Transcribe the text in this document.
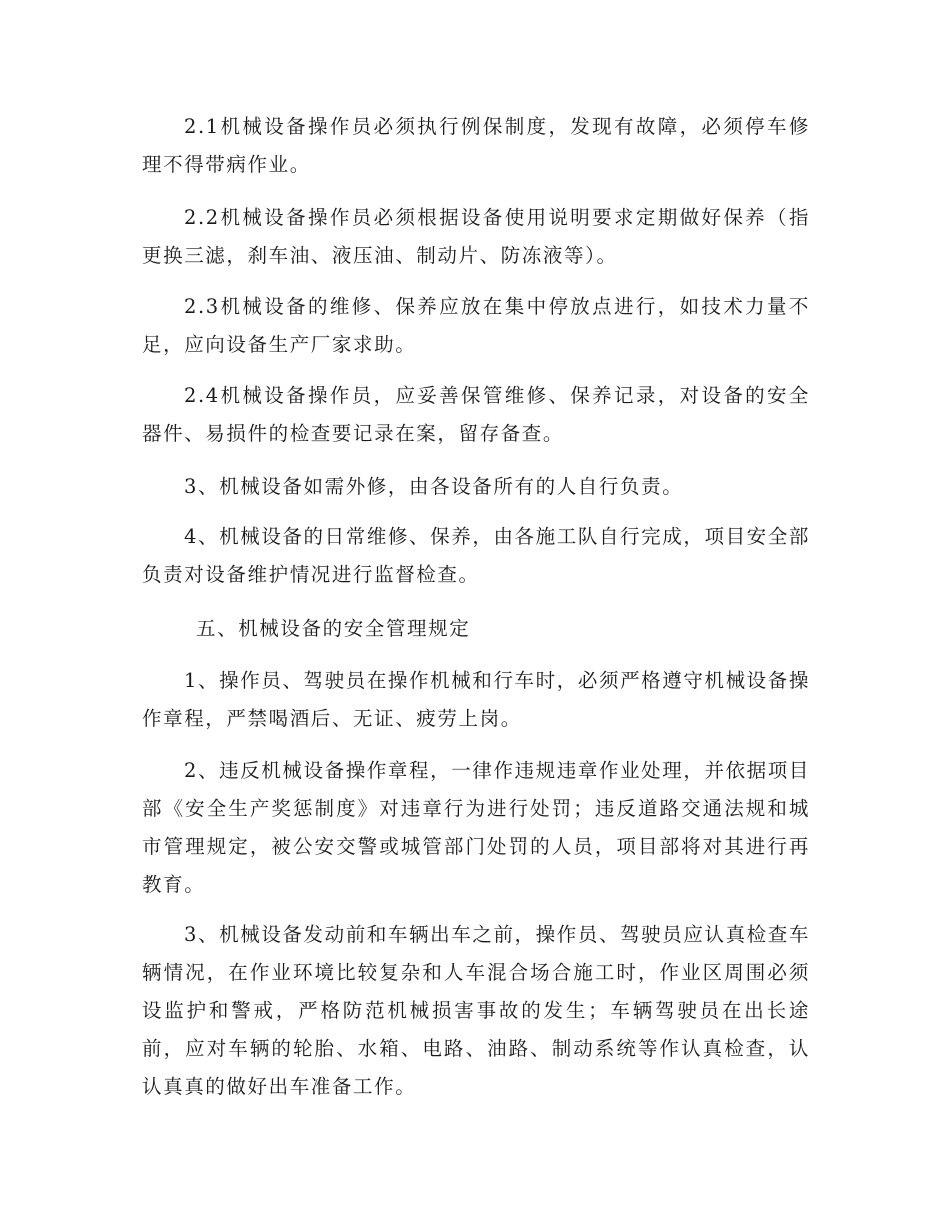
2.1机械设备操作员必须执行例保制度，发现有故障，必须停车修理不得带病作业。

2.2机械设备操作员必须根据设备使用说明要求定期做好保养（指更换三滤，刹车油、液压油、制动片、防冻液等）。

2.3机械设备的维修、保养应放在集中停放点进行，如技术力量不足，应向设备生产厂家求助。

2.4机械设备操作员，应妥善保管维修、保养记录，对设备的安全器件、易损件的检查要记录在案，留存备查。

3、机械设备如需外修，由各设备所有的人自行负责。

4、机械设备的日常维修、保养，由各施工队自行完成，项目安全部负责对设备维护情况进行监督检查。

五、机械设备的安全管理规定

1、操作员、驾驶员在操作机械和行车时，必须严格遵守机械设备操作章程，严禁喝酒后、无证、疲劳上岗。

2、违反机械设备操作章程，一律作违规违章作业处理，并依据项目部《安全生产奖惩制度》对违章行为进行处罚；违反道路交通法规和城市管理规定，被公安交警或城管部门处罚的人员，项目部将对其进行再教育。

3、机械设备发动前和车辆出车之前，操作员、驾驶员应认真检查车辆情况，在作业环境比较复杂和人车混合场合施工时，作业区周围必须设监护和警戒，严格防范机械损害事故的发生；车辆驾驶员在出长途前，应对车辆的轮胎、水箱、电路、油路、制动系统等作认真检查，认认真真的做好出车准备工作。
